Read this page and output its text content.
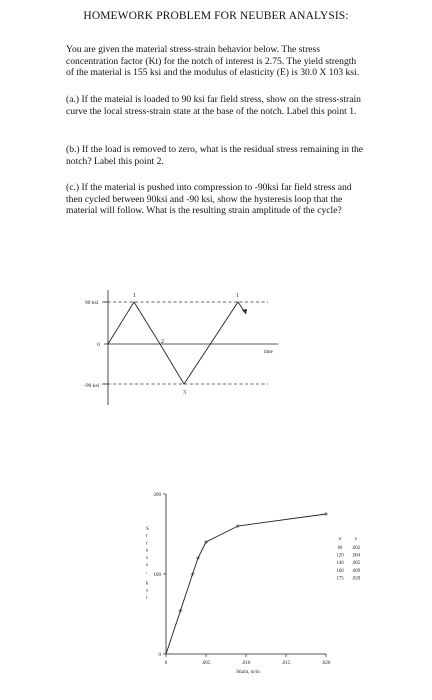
HOMEWORK PROBLEM FOR NEUBER ANALYSIS:
You are given the material stress-strain behavior below. The stress concentration factor (Kt) for the notch of interest is 2.75. The yield strength of the material is 155 ksi and the modulus of elasticity (E) is 30.0 X 103 ksi.
(a.) If the mateial is loaded to 90 ksi far field stress, show on the stress-strain curve the local stress-strain state at the base of the notch. Label this point 1.
(b.) If the load is removed to zero, what is the residual stress remaining in the notch? Label this point 2.
(c.) If the material is pushed into compression to -90ksi far field stress and then cycled between 90ksi and -90 ksi, show the hysteresis loop that the material will follow. What is the resulting strain amplitude of the cycle?
90 ksi
0
-90 ksi
time
1
2
3
1
0
100
200
0	.005	.010	.015	.020
Strain, in/in
S t r e s s , k s i
σ ε
60 .002
120 .004
140 .005
160 .009
175 .020
